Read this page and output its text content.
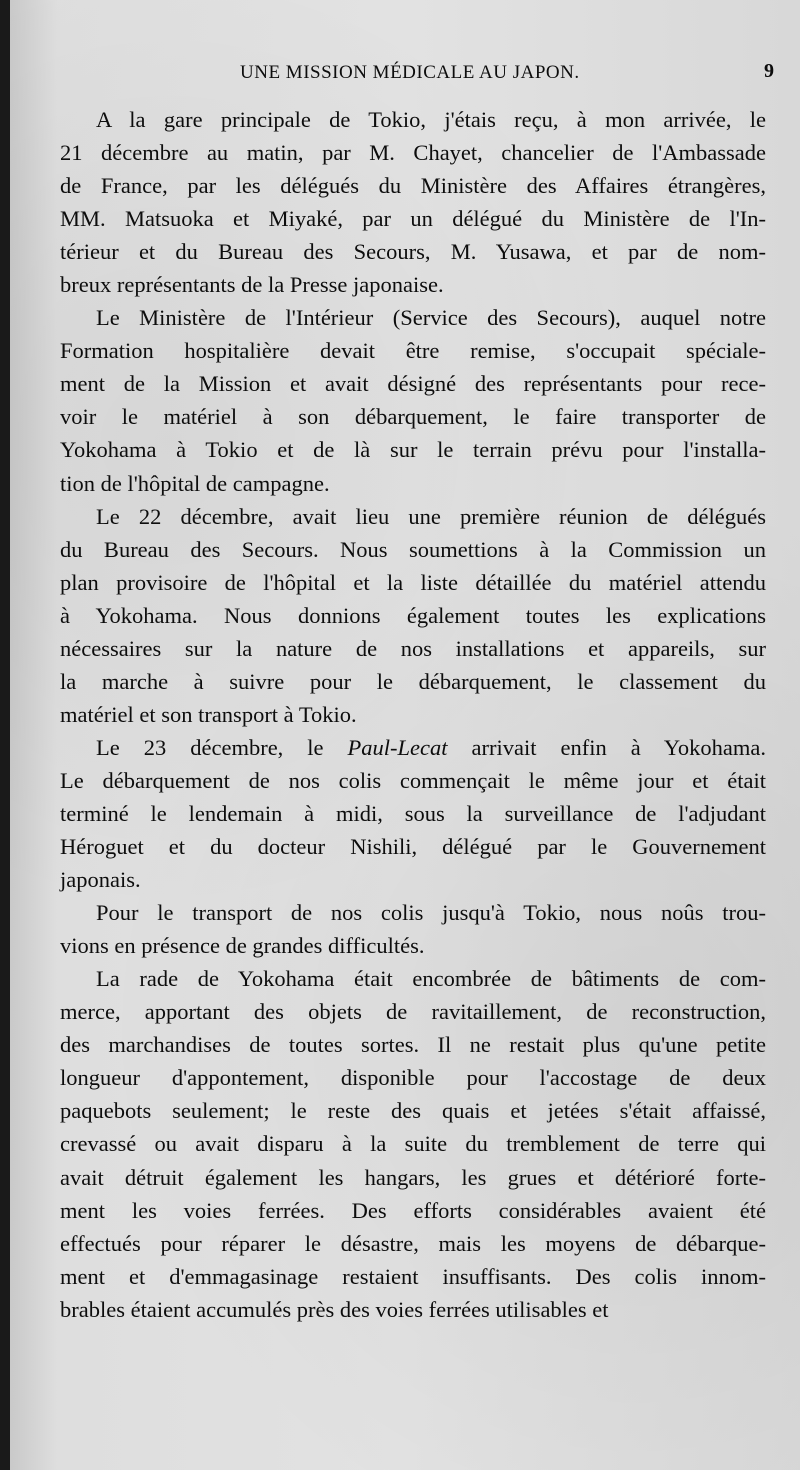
UNE MISSION MÉDICALE AU JAPON.	9
A la gare principale de Tokio, j'étais reçu, à mon arrivée, le
21 décembre au matin, par M. Chayet, chancelier de l'Ambassade
de France, par les délégués du Ministère des Affaires étrangères,
MM. Matsuoka et Miyaké, par un délégué du Ministère de l'In-
térieur et du Bureau des Secours, M. Yusawa, et par de nom-
breux représentants de la Presse japonaise.
Le Ministère de l'Intérieur (Service des Secours), auquel notre
Formation hospitalière devait être remise, s'occupait spéciale-
ment de la Mission et avait désigné des représentants pour rece-
voir le matériel à son débarquement, le faire transporter de
Yokohama à Tokio et de là sur le terrain prévu pour l'installa-
tion de l'hôpital de campagne.
Le 22 décembre, avait lieu une première réunion de délégués
du Bureau des Secours. Nous soumettions à la Commission un
plan provisoire de l'hôpital et la liste détaillée du matériel attendu
à Yokohama. Nous donnions également toutes les explications
nécessaires sur la nature de nos installations et appareils, sur
la marche à suivre pour le débarquement, le classement du
matériel et son transport à Tokio.
Le 23 décembre, le Paul-Lecat arrivait enfin à Yokohama.
Le débarquement de nos colis commençait le même jour et était
terminé le lendemain à midi, sous la surveillance de l'adjudant
Héroguet et du docteur Nishili, délégué par le Gouvernement
japonais.
Pour le transport de nos colis jusqu'à Tokio, nous noûs trou-
vions en présence de grandes difficultés.
La rade de Yokohama était encombrée de bâtiments de com-
merce, apportant des objets de ravitaillement, de reconstruction,
des marchandises de toutes sortes. Il ne restait plus qu'une petite
longueur d'appontement, disponible pour l'accostage de deux
paquebots seulement; le reste des quais et jetées s'était affaissé,
crevassé ou avait disparu à la suite du tremblement de terre qui
avait détruit également les hangars, les grues et détérioré forte-
ment les voies ferrées. Des efforts considérables avaient été
effectués pour réparer le désastre, mais les moyens de débarque-
ment et d'emmagasinage restaient insuffisants. Des colis innom-
brables étaient accumulés près des voies ferrées utilisables et
